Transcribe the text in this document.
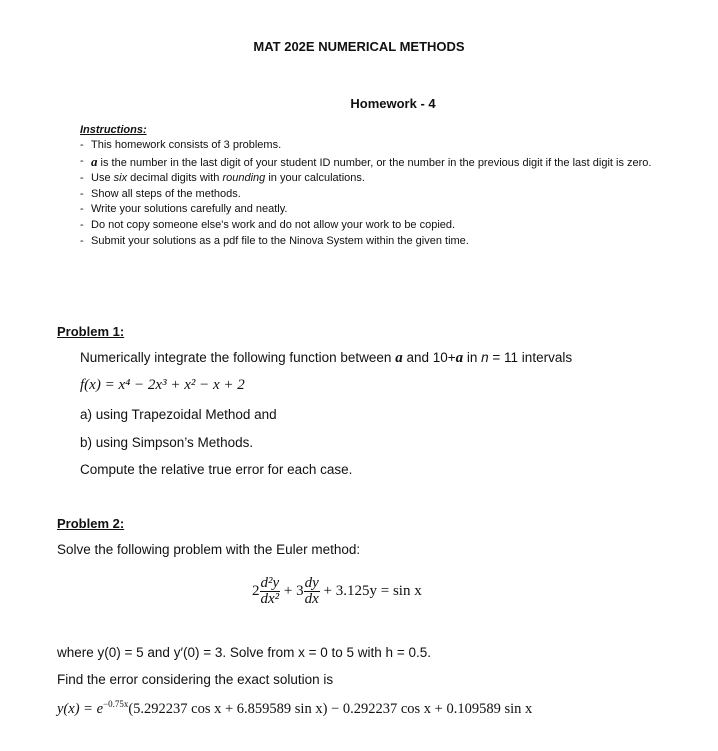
MAT 202E NUMERICAL METHODS
Homework - 4
Instructions:
- This homework consists of 3 problems.
- a is the number in the last digit of your student ID number, or the number in the previous digit if the last digit is zero.
- Use six decimal digits with rounding in your calculations.
- Show all steps of the methods.
- Write your solutions carefully and neatly.
- Do not copy someone else's work and do not allow your work to be copied.
- Submit your solutions as a pdf file to the Ninova System within the given time.
Problem 1:
Numerically integrate the following function between a and 10+a in n = 11 intervals
f(x) = x⁴ − 2x³ + x² − x + 2
a) using Trapezoidal Method and
b) using Simpson’s Methods.
Compute the relative true error for each case.
Problem 2:
Solve the following problem with the Euler method:
$2 \frac{\text{d²y}}{\text{dx²}} + 3 \frac{dy}{dx} + 3.125y = \sin x$
where y(0) = 5 and y′(0) = 3. Solve from x = 0 to 5 with h = 0.5.
Find the error considering the exact solution is
$y(x) = e^{-0.75x}(5.292237$ cos x + 6.859589 sin x) − 0.292237 cos x + 0.109589 sin x
